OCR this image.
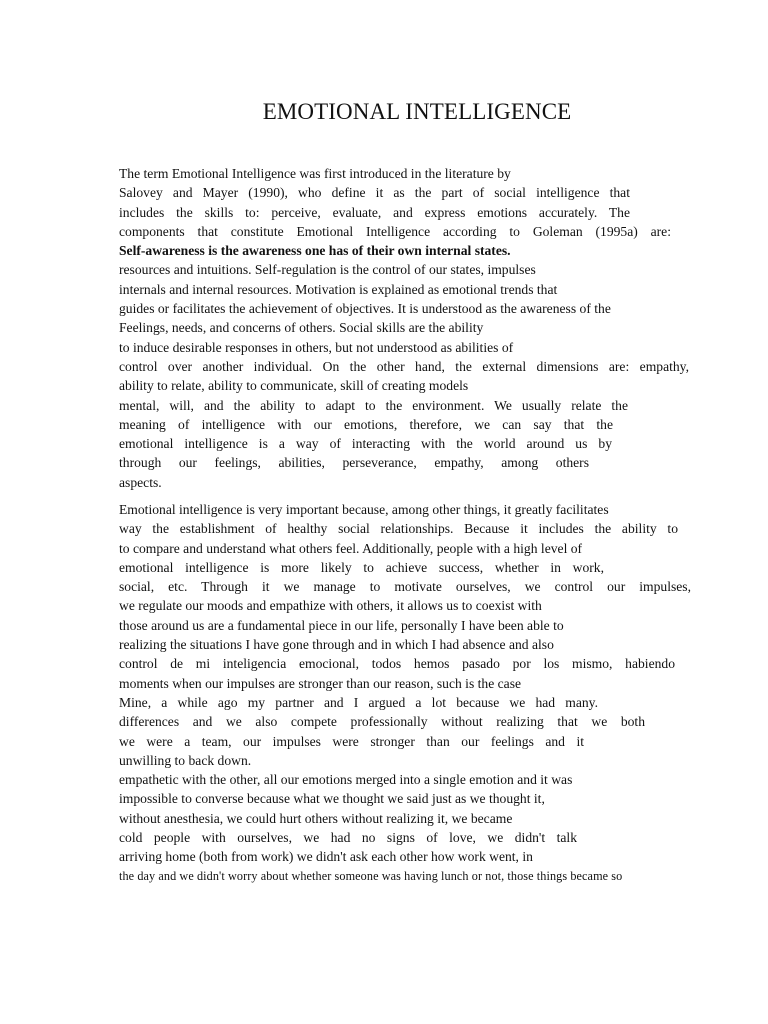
EMOTIONAL INTELLIGENCE
The term Emotional Intelligence was first introduced in the literature by
Salovey and Mayer (1990), who define it as the part of social intelligence that
includes the skills to: perceive, evaluate, and express emotions accurately. The
components that constitute Emotional Intelligence according to Goleman (1995a) are:
Self-awareness is the awareness one has of their own internal states.
resources and intuitions. Self-regulation is the control of our states, impulses
internals and internal resources. Motivation is explained as emotional trends that
guides or facilitates the achievement of objectives. It is understood as the awareness of the
Feelings, needs, and concerns of others. Social skills are the ability
to induce desirable responses in others, but not understood as abilities of
control over another individual. On the other hand, the external dimensions are: empathy,
ability to relate, ability to communicate, skill of creating models
mental, will, and the ability to adapt to the environment. We usually relate the
meaning of intelligence with our emotions, therefore, we can say that the
emotional intelligence is a way of interacting with the world around us by
through our feelings, abilities, perseverance, empathy, among others
aspects.
Emotional intelligence is very important because, among other things, it greatly facilitates
way the establishment of healthy social relationships. Because it includes the ability to
to compare and understand what others feel. Additionally, people with a high level of
emotional intelligence is more likely to achieve success, whether in work,
social, etc. Through it we manage to motivate ourselves, we control our impulses,
we regulate our moods and empathize with others, it allows us to coexist with
those around us are a fundamental piece in our life, personally I have been able to
realizing the situations I have gone through and in which I had absence and also
control de mi inteligencia emocional, todos hemos pasado por los mismo, habiendo
moments when our impulses are stronger than our reason, such is the case
Mine, a while ago my partner and I argued a lot because we had many.
differences and we also compete professionally without realizing that we both
we were a team, our impulses were stronger than our feelings and it
unwilling to back down.
empathetic with the other, all our emotions merged into a single emotion and it was
impossible to converse because what we thought we said just as we thought it,
without anesthesia, we could hurt others without realizing it, we became
cold people with ourselves, we had no signs of love, we didn't talk
arriving home (both from work) we didn't ask each other how work went, in
the day and we didn't worry about whether someone was having lunch or not, those things became so
